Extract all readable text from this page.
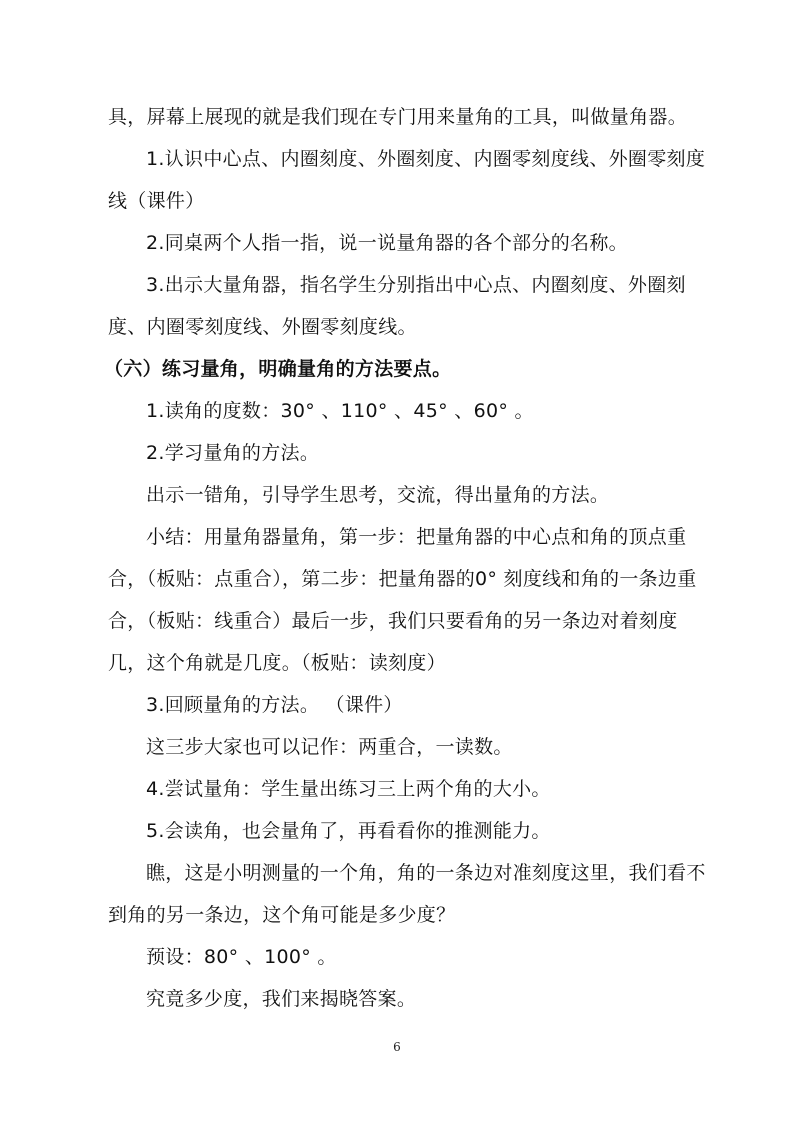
具，屏幕上展现的就是我们现在专门用来量角的工具，叫做量角器。
1.认识中心点、内圈刻度、外圈刻度、内圈零刻度线、外圈零刻度
线（课件）
2.同桌两个人指一指，说一说量角器的各个部分的名称。
3.出示大量角器，指名学生分别指出中心点、内圈刻度、外圈刻
度、内圈零刻度线、外圈零刻度线。
（六）练习量角，明确量角的方法要点。
1.读角的度数：30° 、110° 、45° 、60° 。
2.学习量角的方法。
出示一错角，引导学生思考，交流，得出量角的方法。
小结：用量角器量角，第一步：把量角器的中心点和角的顶点重
合，（板贴：点重合），第二步：把量角器的0° 刻度线和角的一条边重
合，（板贴：线重合）最后一步，我们只要看角的另一条边对着刻度
几，这个角就是几度。（板贴：读刻度）
3.回顾量角的方法。 （课件）
这三步大家也可以记作：两重合，一读数。
4.尝试量角：学生量出练习三上两个角的大小。
5.会读角，也会量角了，再看看你的推测能力。
瞧，这是小明测量的一个角，角的一条边对准刻度这里，我们看不
到角的另一条边，这个角可能是多少度？
预设：80° 、100° 。
究竟多少度，我们来揭晓答案。
6
